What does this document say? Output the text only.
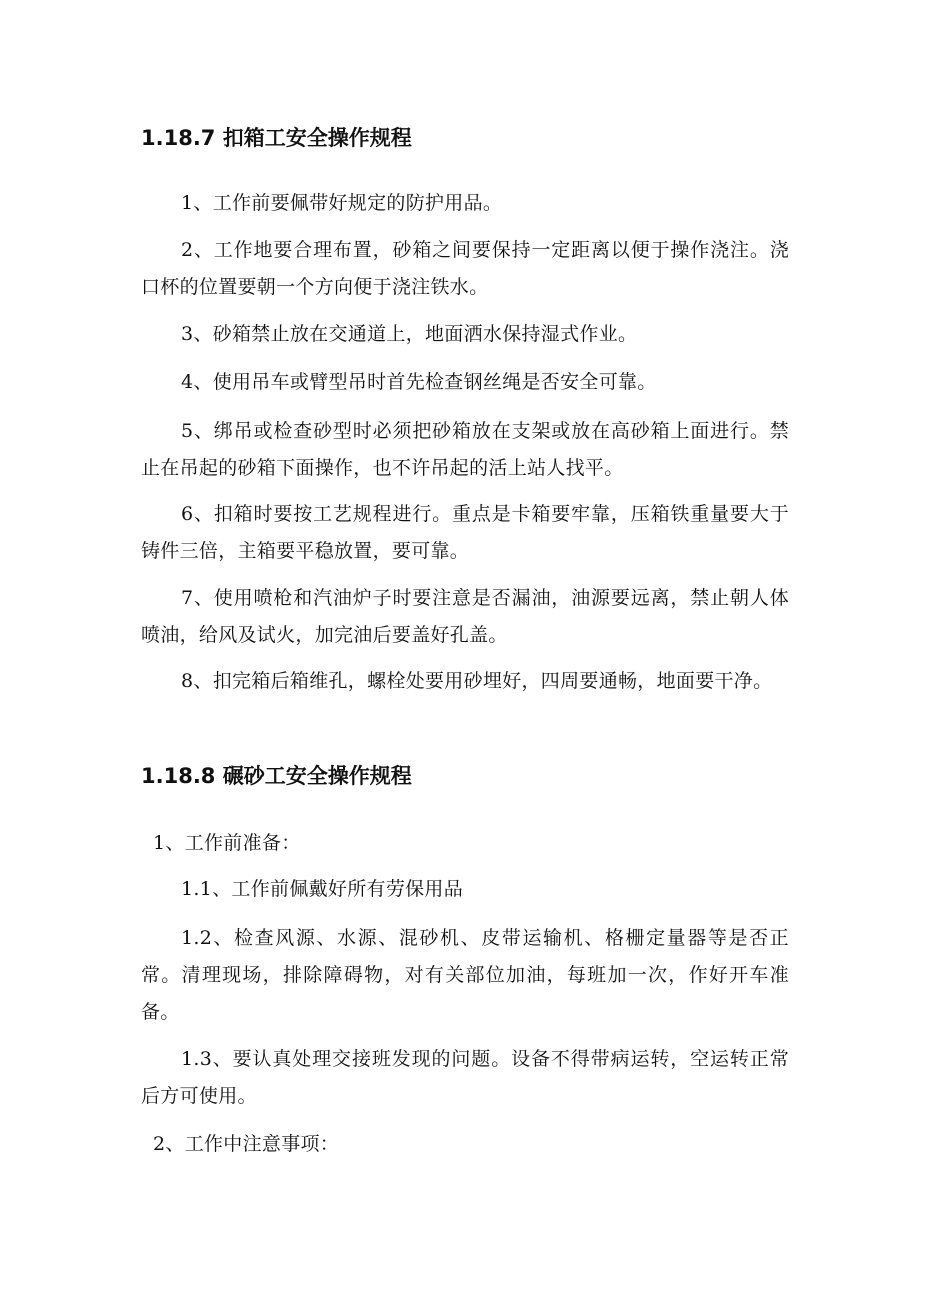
1.18.7 扣箱工安全操作规程

1、工作前要佩带好规定的防护用品。

2、工作地要合理布置，砂箱之间要保持一定距离以便于操作浇注。浇口杯的位置要朝一个方向便于浇注铁水。

3、砂箱禁止放在交通道上，地面洒水保持湿式作业。

4、使用吊车或臂型吊时首先检查钢丝绳是否安全可靠。

5、绑吊或检查砂型时必须把砂箱放在支架或放在高砂箱上面进行。禁止在吊起的砂箱下面操作，也不许吊起的活上站人找平。

6、扣箱时要按工艺规程进行。重点是卡箱要牢靠，压箱铁重量要大于铸件三倍，主箱要平稳放置，要可靠。

7、使用喷枪和汽油炉子时要注意是否漏油，油源要远离，禁止朝人体喷油，给风及试火，加完油后要盖好孔盖。

8、扣完箱后箱维孔，螺栓处要用砂埋好，四周要通畅，地面要干净。

1.18.8 碾砂工安全操作规程

1、工作前准备：

1.1、工作前佩戴好所有劳保用品

1.2、检查风源、水源、混砂机、皮带运输机、格栅定量器等是否正常。清理现场，排除障碍物，对有关部位加油，每班加一次，作好开车准备。

1.3、要认真处理交接班发现的问题。设备不得带病运转，空运转正常后方可使用。

2、工作中注意事项：
